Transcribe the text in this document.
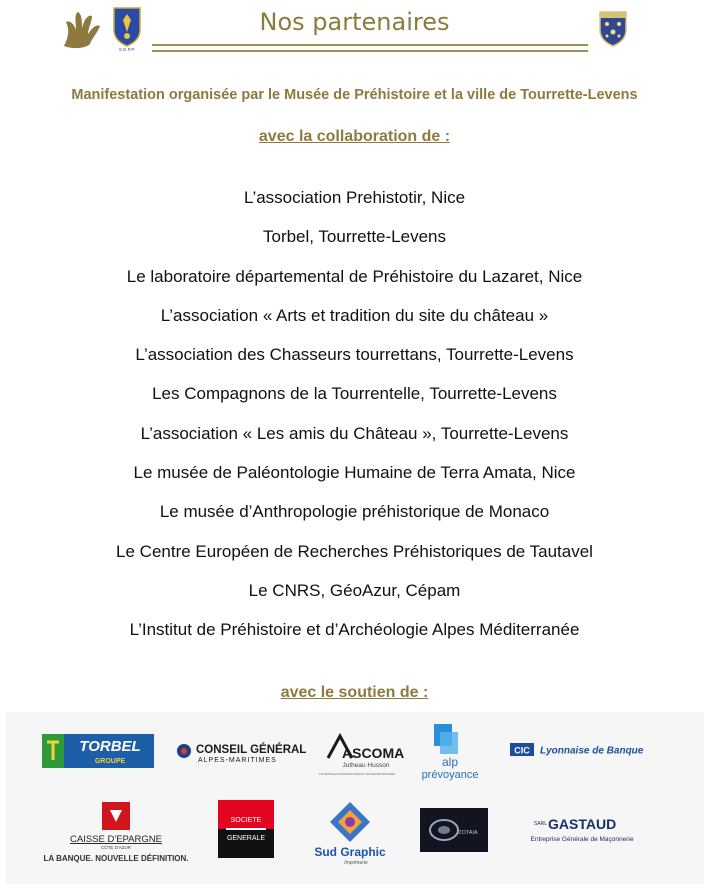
S.E.P.P.
Nos partenaires
Manifestation organisée par le Musée de Préhistoire et la ville de Tourrette-Levens
avec la collaboration de :
L’association Prehistotir, Nice
Torbel, Tourrette-Levens
Le laboratoire départemental de Préhistoire du Lazaret, Nice
L’association « Arts et tradition du site du château »
L’association des Chasseurs tourrettans, Tourrette-Levens
Les Compagnons de la Tourrentelle, Tourrette-Levens
L’association « Les amis du Château », Tourrette-Levens
Le musée de Paléontologie Humaine de Terra Amata, Nice
Le musée d’Anthropologie préhistorique de Monaco
Le Centre Européen de Recherches Préhistoriques de Tautavel
Le CNRS, GéoAzur, Cépam
L’Institut de Préhistoire et d’Archéologie Alpes Méditerranée
avec le soutien de :
TORBEL
GROUPE
CONSEIL GÉNÉRAL
ALPES-MARITIMES	ASCOMA
Jutheau Husson
COURTAGE D'ASSURANCES ET DE REASSURANCES
alp
prévoyance
CIC Lyonnaise de Banque
CAISSE D'EPARGNE
CÔTE D'AZUR
LA BANQUE. NOUVELLE DÉFINITION.
SOCIETE
GENERALE
Sud Graphic
Imprimerie
ZOTAIA
SARL GASTAUD
Entreprise Générale de Maçonnerie
